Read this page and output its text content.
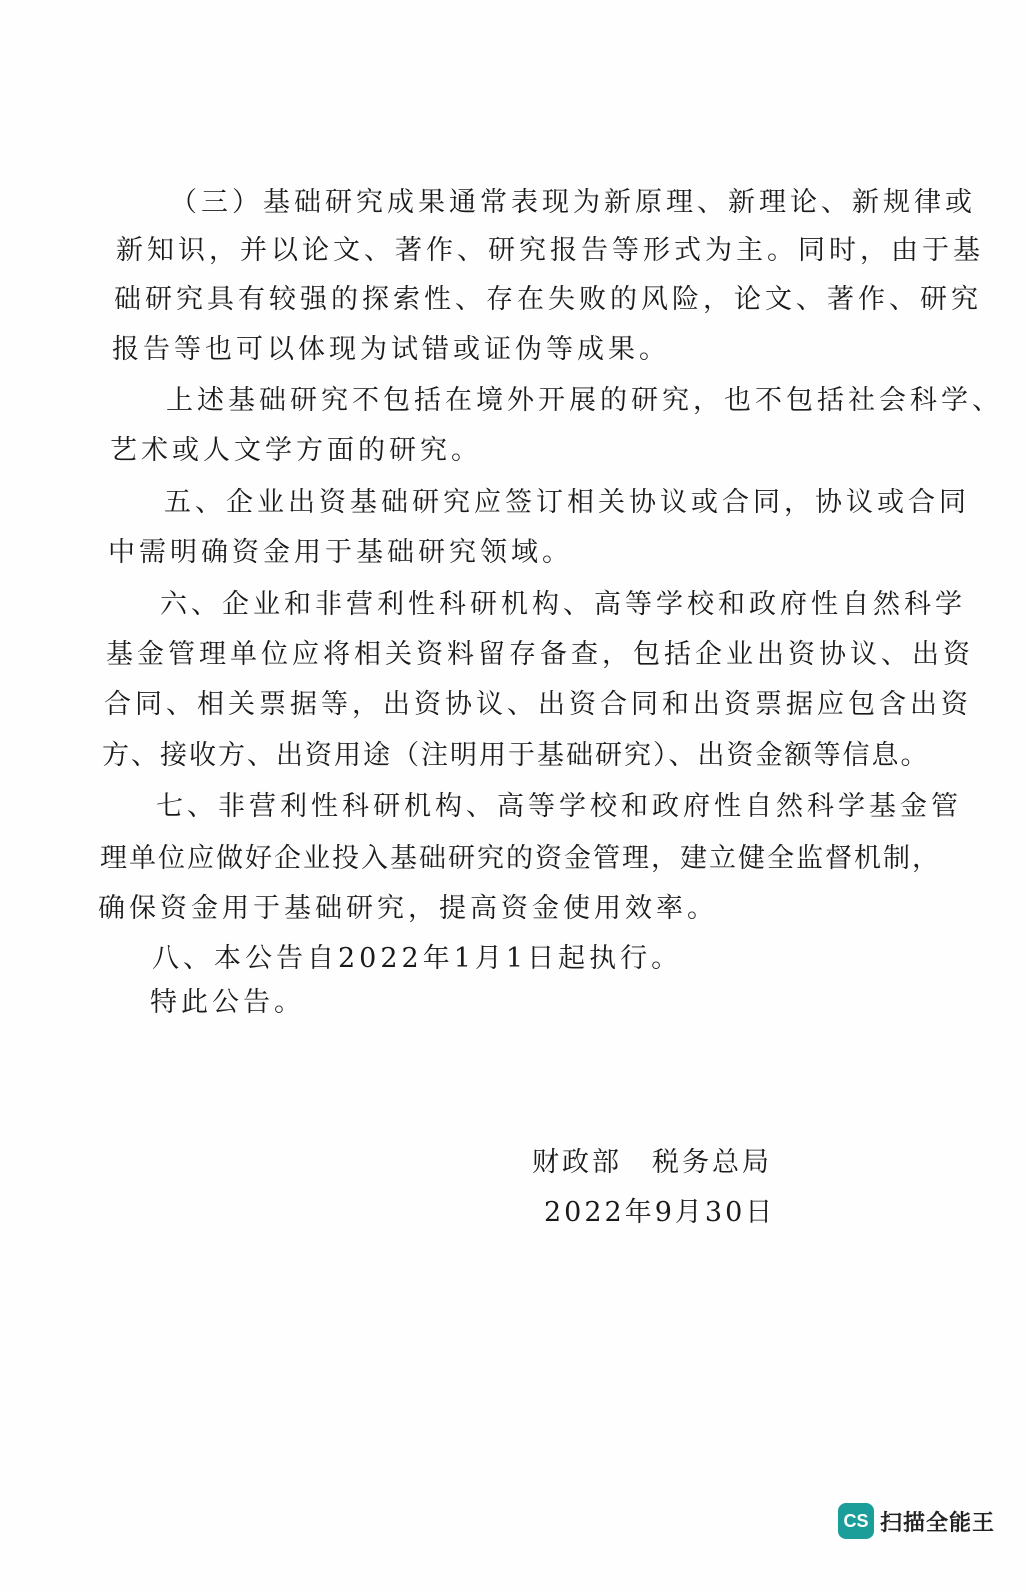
（三）基础研究成果通常表现为新原理、新理论、新规律或
新知识，并以论文、著作、研究报告等形式为主。同时，由于基
础研究具有较强的探索性、存在失败的风险，论文、著作、研究
报告等也可以体现为试错或证伪等成果。
上述基础研究不包括在境外开展的研究，也不包括社会科学、
艺术或人文学方面的研究。
五、企业出资基础研究应签订相关协议或合同，协议或合同
中需明确资金用于基础研究领域。
六、企业和非营利性科研机构、高等学校和政府性自然科学
基金管理单位应将相关资料留存备查，包括企业出资协议、出资
合同、相关票据等，出资协议、出资合同和出资票据应包含出资
方、接收方、出资用途（注明用于基础研究）、出资金额等信息。
七、非营利性科研机构、高等学校和政府性自然科学基金管
理单位应做好企业投入基础研究的资金管理，建立健全监督机制，
确保资金用于基础研究，提高资金使用效率。
八、本公告自2022年1月1日起执行。
特此公告。
财政部　税务总局
2022年9月30日
CS 扫描全能王
